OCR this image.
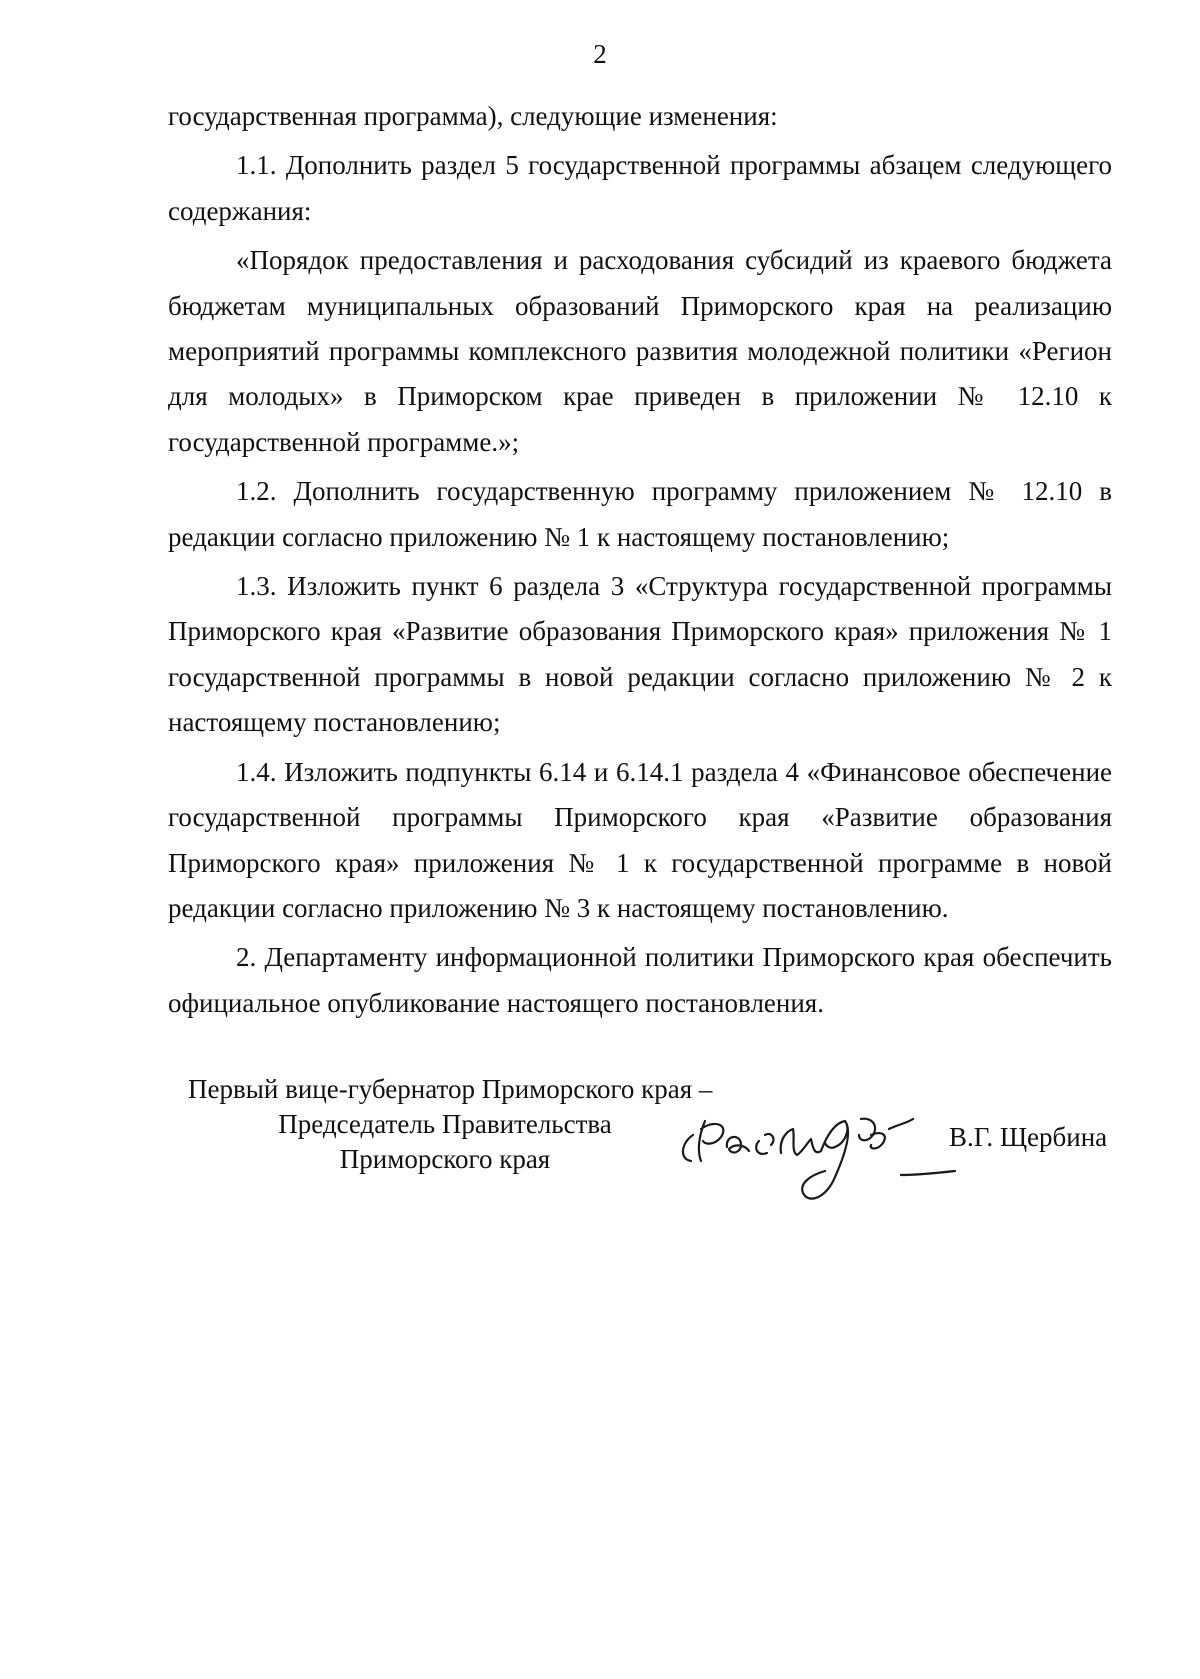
2

государственная программа), следующие изменения:

1.1. Дополнить раздел 5 государственной программы абзацем следующего содержания:

«Порядок предоставления и расходования субсидий из краевого бюджета бюджетам муниципальных образований Приморского края на реализацию мероприятий программы комплексного развития молодежной политики «Регион для молодых» в Приморском крае приведен в приложении № 12.10 к государственной программе.»;

1.2. Дополнить государственную программу приложением № 12.10 в редакции согласно приложению № 1 к настоящему постановлению;

1.3. Изложить пункт 6 раздела 3 «Структура государственной программы Приморского края «Развитие образования Приморского края» приложения № 1 государственной программы в новой редакции согласно приложению № 2 к настоящему постановлению;

1.4. Изложить подпункты 6.14 и 6.14.1 раздела 4 «Финансовое обеспечение государственной программы Приморского края «Развитие образования Приморского края» приложения № 1 к государственной программе в новой редакции согласно приложению № 3 к настоящему постановлению.

2. Департаменту информационной политики Приморского края обеспечить официальное опубликование настоящего постановления.

Первый вице-губернатор Приморского края –
Председатель Правительства
Приморского края
В.Г. Щербина
